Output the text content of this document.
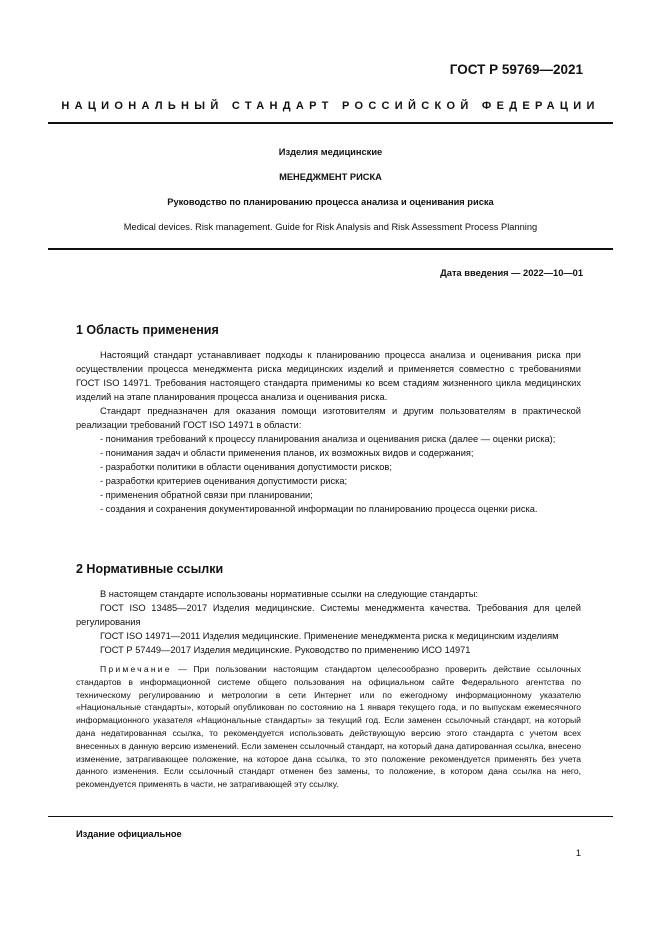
ГОСТ Р 59769—2021
НАЦИОНАЛЬНЫЙ СТАНДАРТ РОССИЙСКОЙ ФЕДЕРАЦИИ
Изделия медицинские
МЕНЕДЖМЕНТ РИСКА
Руководство по планированию процесса анализа и оценивания риска
Medical devices. Risk management. Guide for Risk Analysis and Risk Assessment Process Planning
Дата введения — 2022—10—01
1 Область применения

Настоящий стандарт устанавливает подходы к планированию процесса анализа и оценивания риска при осуществлении процесса менеджмента риска медицинских изделий и применяется совместно с требованиями ГОСТ ISO 14971. Требования настоящего стандарта применимы ко всем стадиям жизненного цикла медицинских изделий на этапе планирования процесса анализа и оценивания риска.

Стандарт предназначен для оказания помощи изготовителям и другим пользователям в практической реализации требований ГОСТ ISO 14971 в области:

- понимания требований к процессу планирования анализа и оценивания риска (далее — оценки риска);

- понимания задач и области применения планов, их возможных видов и содержания;

- разработки политики в области оценивания допустимости рисков;

- разработки критериев оценивания допустимости риска;

- применения обратной связи при планировании;

- создания и сохранения документированной информации по планированию процесса оценки риска.

2 Нормативные ссылки

В настоящем стандарте использованы нормативные ссылки на следующие стандарты:

ГОСТ ISO 13485—2017 Изделия медицинские. Системы менеджмента качества. Требования для целей регулирования

ГОСТ ISO 14971—2011 Изделия медицинские. Применение менеджмента риска к медицинским изделиям

ГОСТ Р 57449—2017 Изделия медицинские. Руководство по применению ИСО 14971

Примечание — При пользовании настоящим стандартом целесообразно проверить действие ссылочных стандартов в информационной системе общего пользования на официальном сайте Федерального агентства по техническому регулированию и метрологии в сети Интернет или по ежегодному информационному указателю «Национальные стандарты», который опубликован по состоянию на 1 января текущего года, и по выпускам ежемесячного информационного указателя «Национальные стандарты» за текущий год. Если заменен ссылочный стандарт, на который дана недатированная ссылка, то рекомендуется использовать действующую версию этого стандарта с учетом всех внесенных в данную версию изменений. Если заменен ссылочный стандарт, на который дана датированная ссылка, внесено изменение, затрагивающее положение, на которое дана ссылка, то это положение рекомендуется применять без учета данного изменения. Если ссылочный стандарт отменен без замены, то положение, в котором дана ссылка на него, рекомендуется применять в части, не затрагивающей эту ссылку.

Издание официальное
1
